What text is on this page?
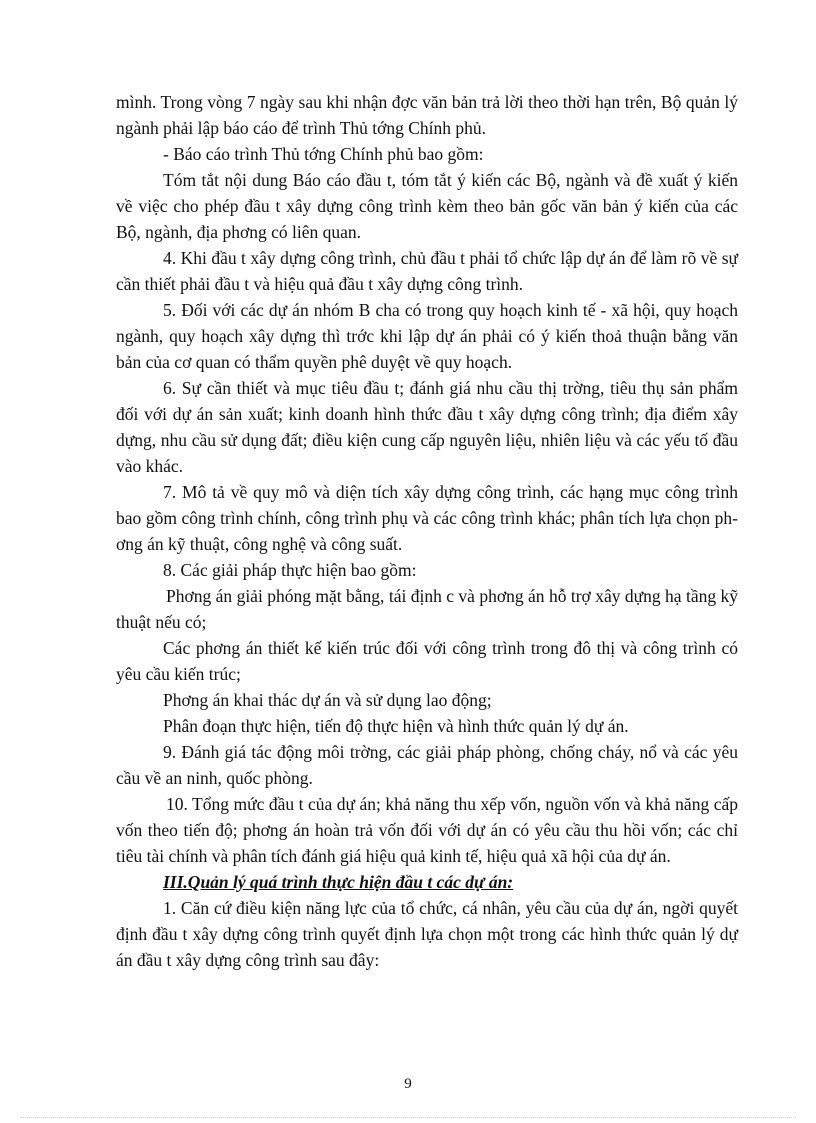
mình. Trong vòng 7 ngày sau khi nhận đợc văn bản trả lời theo thời hạn trên, Bộ quản lý ngành phải lập báo cáo để trình Thủ tớng Chính phủ.

- Báo cáo trình Thủ tớng Chính phủ bao gồm:

Tóm tắt nội dung Báo cáo đầu t, tóm tắt ý kiến các Bộ, ngành và đề xuất ý kiến về việc cho phép đầu t xây dựng công trình kèm theo bản gốc văn bản ý kiến của các Bộ, ngành, địa phơng có liên quan.

4. Khi đầu t xây dựng công trình, chủ đầu t phải tổ chức lập dự án để làm rõ về sự cần thiết phải đầu t và hiệu quả đầu t xây dựng công trình.

5. Đối với các dự án nhóm B cha có trong quy hoạch kinh tế - xã hội, quy hoạch ngành, quy hoạch xây dựng thì trớc khi lập dự án phải có ý kiến thoả thuận bằng văn bản của cơ quan có thẩm quyền phê duyệt về quy hoạch.

6. Sự cần thiết và mục tiêu đầu t; đánh giá nhu cầu thị trờng, tiêu thụ sản phẩm đối với dự án sản xuất; kinh doanh hình thức đầu t xây dựng công trình; địa điểm xây dựng, nhu cầu sử dụng đất; điều kiện cung cấp nguyên liệu, nhiên liệu và các yếu tố đầu vào khác.

7. Mô tả về quy mô và diện tích xây dựng công trình, các hạng mục công trình bao gồm công trình chính, công trình phụ và các công trình khác; phân tích lựa chọn phơng án kỹ thuật, công nghệ và công suất.

8. Các giải pháp thực hiện bao gồm:

Phơng án giải phóng mặt bằng, tái định c và phơng án hỗ trợ xây dựng hạ tầng kỹ thuật nếu có;

Các phơng án thiết kế kiến trúc đối với công trình trong đô thị và công trình có yêu cầu kiến trúc;

Phơng án khai thác dự án và sử dụng lao động;

Phân đoạn thực hiện, tiến độ thực hiện và hình thức quản lý dự án.

9. Đánh giá tác động môi trờng, các giải pháp phòng, chống cháy, nổ và các yêu cầu về an ninh, quốc phòng.

10. Tổng mức đầu t của dự án; khả năng thu xếp vốn, nguồn vốn và khả năng cấp vốn theo tiến độ; phơng án hoàn trả vốn đối với dự án có yêu cầu thu hồi vốn; các chỉ tiêu tài chính và phân tích đánh giá hiệu quả kinh tế, hiệu quả xã hội của dự án.

III.Quản lý quá trình thực hiện đầu t các dự án:

1. Căn cứ điều kiện năng lực của tổ chức, cá nhân, yêu cầu của dự án, ngời quyết định đầu t xây dựng công trình quyết định lựa chọn một trong các hình thức quản lý dự án đầu t xây dựng công trình sau đây:

9
